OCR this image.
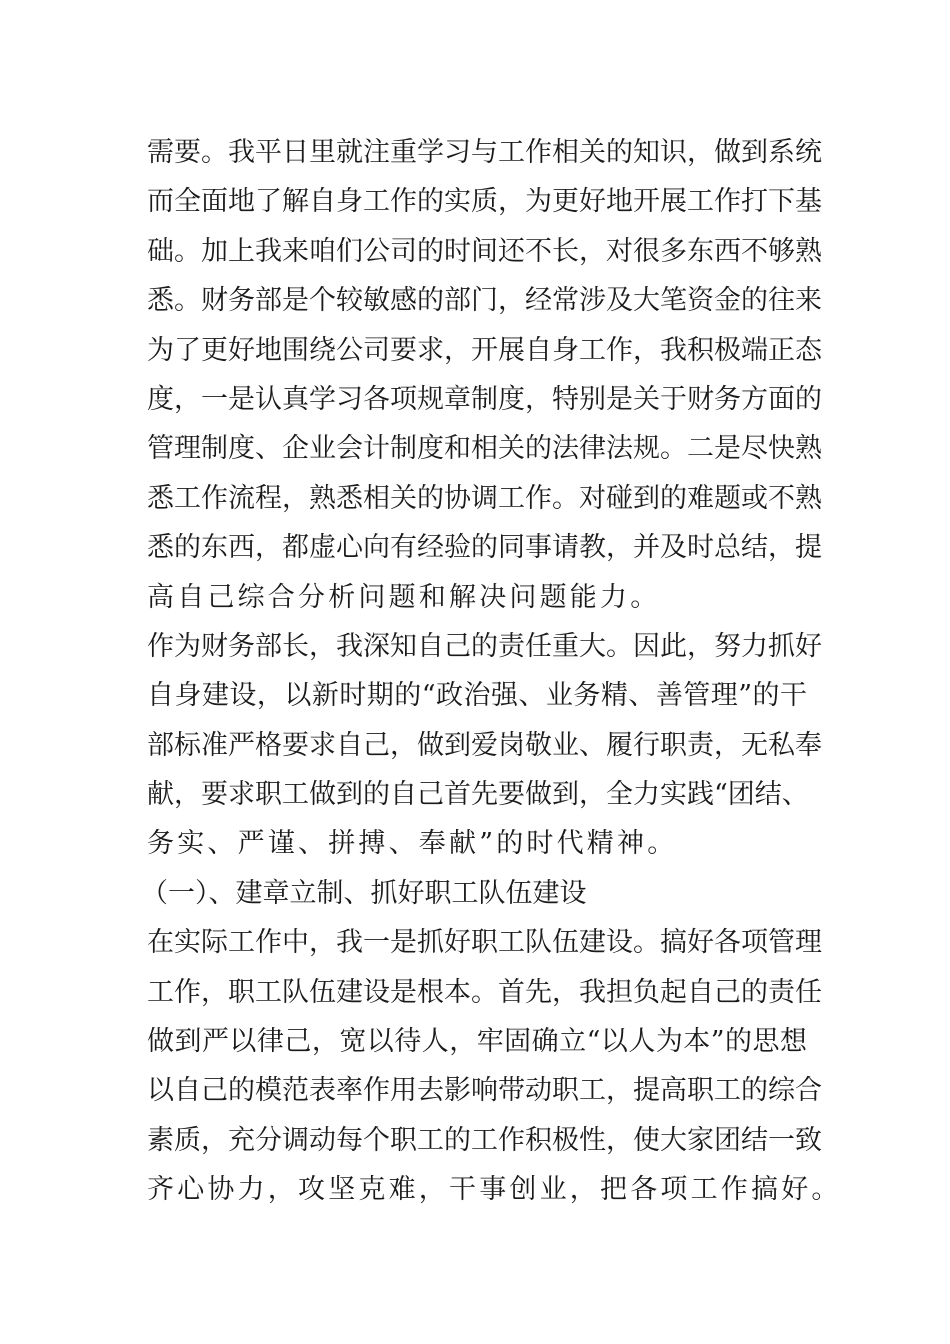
需要。我平日里就注重学习与工作相关的知识，做到系统
而全面地了解自身工作的实质，为更好地开展工作打下基
础。加上我来咱们公司的时间还不长，对很多东西不够熟
悉。财务部是个较敏感的部门，经常涉及大笔资金的往来
为了更好地围绕公司要求，开展自身工作，我积极端正态
度，一是认真学习各项规章制度，特别是关于财务方面的
管理制度、企业会计制度和相关的法律法规。二是尽快熟
悉工作流程，熟悉相关的协调工作。对碰到的难题或不熟
悉的东西，都虚心向有经验的同事请教，并及时总结，提
高自己综合分析问题和解决问题能力。
作为财务部长，我深知自己的责任重大。因此，努力抓好
自身建设，以新时期的“政治强、业务精、善管理”的干
部标准严格要求自己，做到爱岗敬业、履行职责，无私奉
献，要求职工做到的自己首先要做到，全力实践“团结、
务实、严谨、拼搏、奉献”的时代精神。
（一）、建章立制、抓好职工队伍建设
在实际工作中，我一是抓好职工队伍建设。搞好各项管理
工作，职工队伍建设是根本。首先，我担负起自己的责任
做到严以律己，宽以待人，牢固确立“以人为本”的思想
以自己的模范表率作用去影响带动职工，提高职工的综合
素质，充分调动每个职工的工作积极性，使大家团结一致
齐心协力，攻坚克难，干事创业，把各项工作搞好。
